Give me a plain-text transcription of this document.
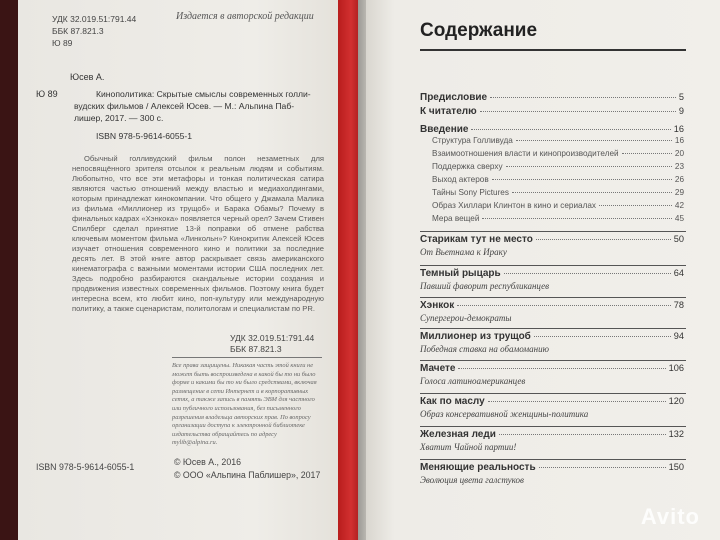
УДК 32.019.51:791.44
ББК 87.821.3
Ю 89
Издается в авторской редакции
Юсев А.
Ю 89	Кинополитика: Скрытые смыслы современных голли-
вудских фильмов / Алексей Юсев. — М.: Альпина Паб-
лишер, 2017. — 300 с.
ISBN 978-5-9614-6055-1
Обычный голливудский фильм полон незаметных для непосвящённого зрителя отсылок к реальным людям и событиям. Любопытно, что все эти метафоры и тонкая политическая сатира являются частью отношений между властью и медиахолдингами, которым принадлежат кинокомпании. Что общего у Джамала Малика из фильма «Миллионер из трущоб» и Барака Обамы? Почему в финальных кадрах «Хэнкока» появляется черный орел? Зачем Стивен Спилберг сделал принятие 13-й поправки об отмене рабства ключевым моментом фильма «Линкольн»? Кинокритик Алексей Юсев изучает отношения современного кино и политики за последние десять лет. В этой книге автор раскрывает связь американского кинематографа с важными моментами истории США последних лет. Здесь подробно разбираются скандальные истории создания и продвижения известных современных фильмов. Поэтому книга будет интересна всем, кто любит кино, поп-культуру или международную политику, а также сценаристам, политологам и специалистам по PR.
УДК 32.019.51:791.44
ББК 87.821.3
Все права защищены. Никакая часть этой книги не может быть воспроизведена в какой бы то ни было форме и какими бы то ни было средствами, включая размещение в сети Интернет и в корпоративных сетях, а также запись в память ЭВМ для частного или публичного использования, без письменного разрешения владельца авторских прав. По вопросу организации доступа к электронной библиотеке издательства обращайтесь по адресу mylib@alpina.ru.
ISBN 978-5-9614-6055-1	© Юсев А., 2016
© ООО «Альпина Паблишер», 2017
Содержание
Предисловие	5
К читателю	9
Введение	16
Структура Голливуда	16
Взаимоотношения власти и кинопроизводителей	20
Поддержка сверху	23
Выход актеров	26
Тайны Sony Pictures	29
Образ Хиллари Клинтон в кино и сериалах	42
Мера вещей	45
Старикам тут не место	50
От Вьетнама к Ираку
Темный рыцарь	64
Павший фаворит республиканцев
Хэнкок	78
Супергерои-демократы
Миллионер из трущоб	94
Победная ставка на обамоманию
Мачете	106
Голоса латиноамериканцев
Как по маслу	120
Образ консервативной женщины-политика
Железная леди	132
Хватит Чайной партии!
Меняющие реальность	150
Эволюция цвета галстуков
Avito
